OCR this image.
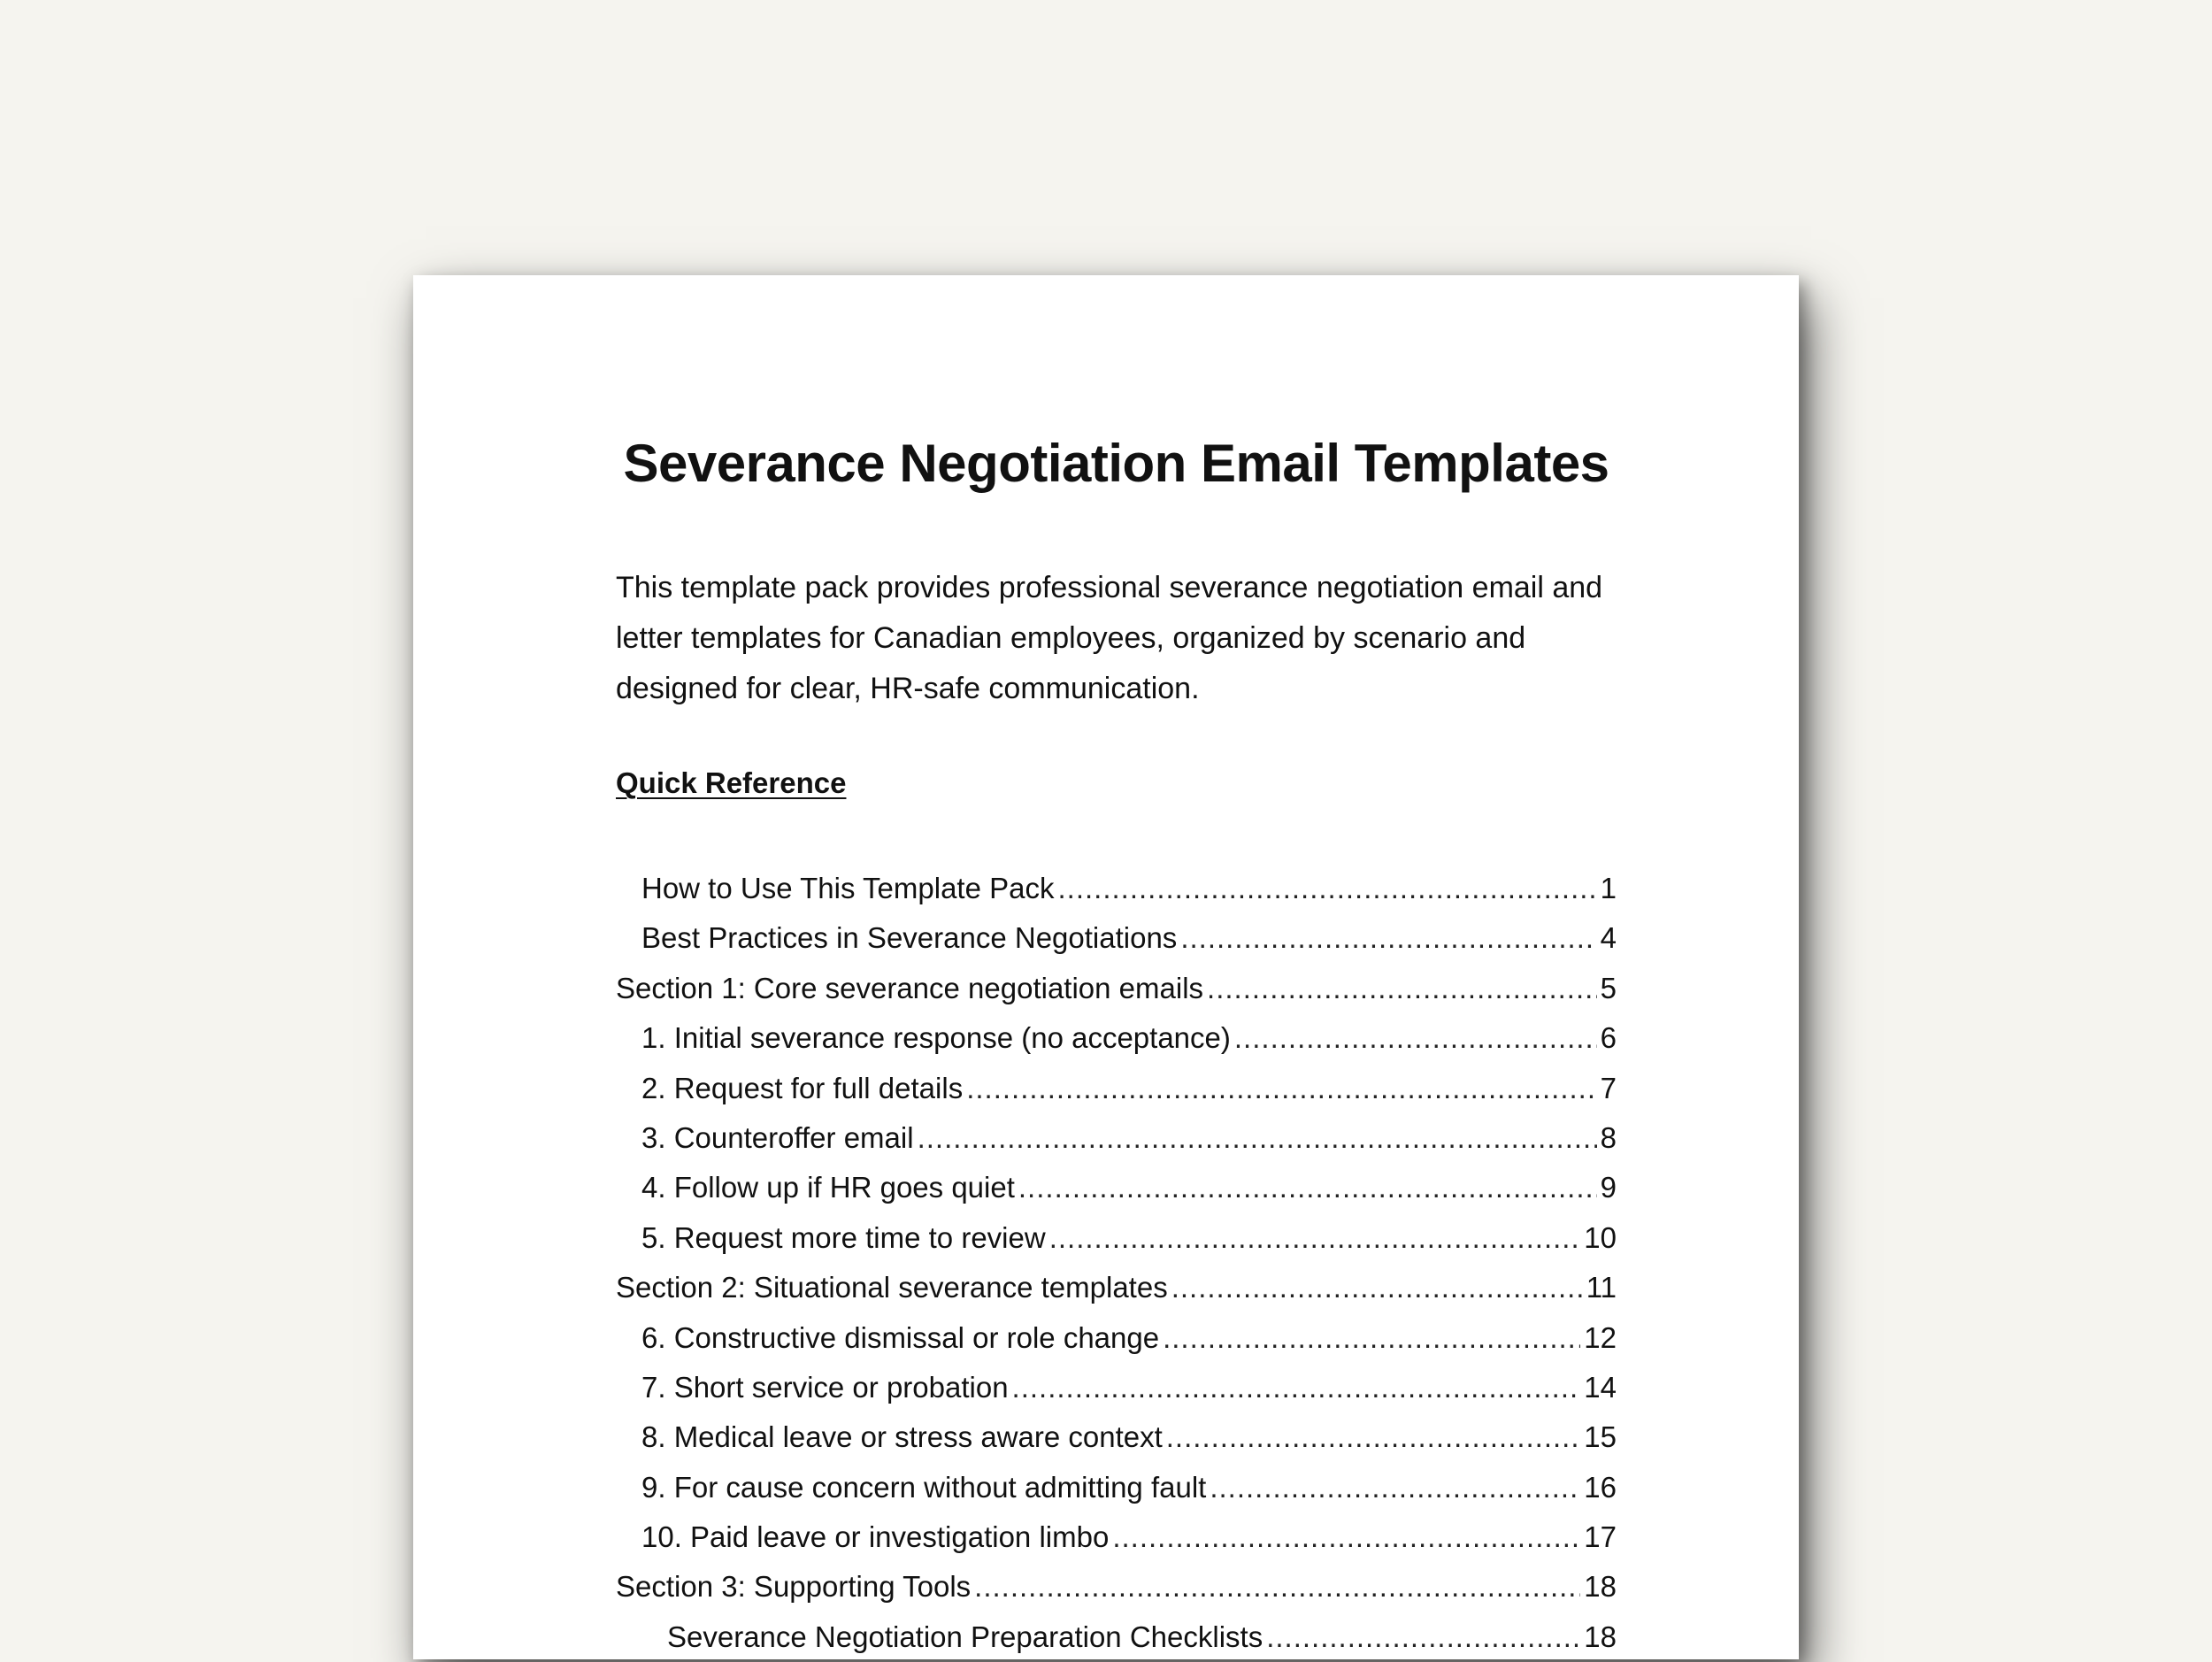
Severance Negotiation Email Templates

This template pack provides professional severance negotiation email and letter templates for Canadian employees, organized by scenario and designed for clear, HR-safe communication.

Quick Reference
How to Use This Template Pack .....	1
Best Practices in Severance Negotiations .....	4
Section 1: Core severance negotiation emails .....	5
1. Initial severance response (no acceptance) .....	6
2. Request for full details .....	7
3. Counteroffer email .....	8
4. Follow up if HR goes quiet .....	9
5. Request more time to review .....	10
Section 2: Situational severance templates .....	11
6. Constructive dismissal or role change .....	12
7. Short service or probation .....	14
8. Medical leave or stress aware context .....	15
9. For cause concern without admitting fault .....	16
10. Paid leave or investigation limbo .....	17
Section 3: Supporting Tools .....	18
Severance Negotiation Preparation Checklists .....	18
